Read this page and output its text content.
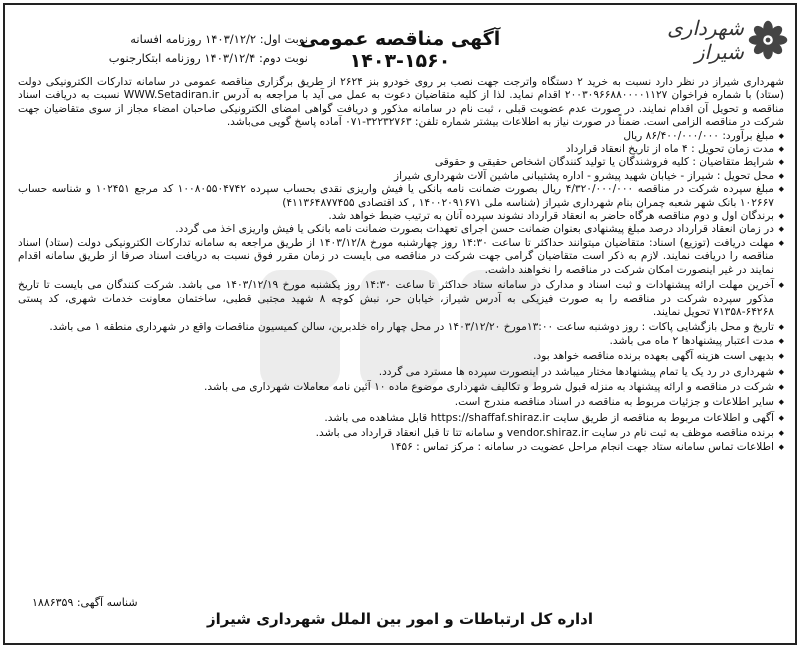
شهرداری شیراز
آگهی مناقصه عمومی ۱۵۶۰-۱۴۰۳
نوبت اول: ۱۴۰۳/۱۲/۲ روزنامه افسانه
نوبت دوم: ۱۴۰۳/۱۲/۴ روزنامه ابتکارجنوب

شهرداری شیراز در نظر دارد نسبت به خرید ۲ دستگاه واترجت جهت نصب بر روی خودرو بنز ۲۶۲۴ از طریق برگزاری مناقصه عمومی در سامانه تدارکات الکترونیکی دولت (ستاد) با شماره فراخوان ۲۰۰۳۰۹۶۶۸۸۰۰۰۰۱۱۲۷ اقدام نماید. لذا از کلیه متقاضیان دعوت به عمل می آید با مراجعه به آدرس WWW.Setadiran.ir نسبت به دریافت اسناد مناقصه و تحویل آن اقدام نمایند. در صورت عدم عضویت قبلی ، ثبت نام در سامانه مذکور و دریافت گواهی امضای الکترونیکی صاحبان امضاء مجاز از سوی متقاضیان جهت شرکت در مناقصه الزامی است. ضمناً در صورت نیاز به اطلاعات بیشتر شماره تلفن: ۳۲۲۳۲۷۶۳-۰۷۱ آماده پاسخ گویی می‌باشد.

◆ مبلغ برآورد: ۸۶/۴۰۰/۰۰۰/۰۰۰ ریال
◆ مدت زمان تحویل : ۴ ماه از تاریخ انعقاد قرارداد
◆ شرایط متقاضیان : کلیه فروشندگان یا تولید کنندگان اشخاص حقیقی و حقوقی
◆ محل تحویل : شیراز - خیابان شهید پیشرو - اداره پشتیبانی ماشین آلات شهرداری شیراز
◆ مبلغ سپرده شرکت در مناقصه ۴/۳۲۰/۰۰۰/۰۰۰ ریال بصورت ضمانت نامه بانکی یا فیش واریزی نقدی بحساب سپرده ۱۰۰۸۰۵۵۰۴۷۴۲ کد مرجع ۱۰۲۴۵۱ و شناسه حساب ۱۰۲۶۶۷ بانک شهر شعبه چمران بنام شهرداری شیراز (شناسه ملی ۱۴۰۰۲۰۹۱۶۷۱ , کد اقتصادی ۴۱۱۳۶۴۸۷۷۴۵۵)
◆ برندگان اول و دوم مناقصه هرگاه حاضر به انعقاد قرارداد نشوند سپرده آنان به ترتیب ضبط خواهد شد.
◆ در زمان انعقاد قرارداد درصد مبلغ پیشنهادی بعنوان ضمانت حسن اجرای تعهدات بصورت ضمانت نامه بانکی یا فیش واریزی اخذ می گردد.
◆ مهلت دریافت (توزیع) اسناد: متقاضیان میتوانند حداکثر تا ساعت ۱۴:۳۰ روز چهارشنبه مورخ ۱۴۰۳/۱۲/۸ از طریق مراجعه به سامانه تدارکات الکترونیکی دولت (ستاد) اسناد مناقصه را دریافت نمایند. لازم به ذکر است متقاضیان گرامی جهت شرکت در مناقصه می بایست در زمان مقرر فوق نسبت به دریافت اسناد صرفا از طریق سامانه اقدام نمایند در غیر اینصورت امکان شرکت در مناقصه را نخواهند داشت.
◆ آخرین مهلت ارائه پیشنهادات و ثبت اسناد و مدارک در سامانه ستاد حداکثر تا ساعت ۱۴:۳۰ روز یکشنبه مورخ ۱۴۰۳/۱۲/۱۹ می باشد. شرکت کنندگان می بایست تا تاریخ مذکور سپرده شرکت در مناقصه را به صورت فیزیکی به آدرس شیراز، خیابان حر، نبش کوچه ۸ شهید مجتبی قطبی، ساختمان معاونت خدمات شهری، کد پستی ۶۴۲۶۸-۷۱۳۵۸ تحویل نمایند.
◆ تاریخ و محل بازگشایی پاکات : روز دوشنبه ساعت ۱۳:۰۰مورخ ۱۴۰۳/۱۲/۲۰ در محل چهار راه خلدبرین، سالن کمیسیون مناقصات واقع در شهرداری منطقه ۱ می باشد.
◆ مدت اعتبار پیشنهادها ۲ ماه می باشد.
◆ بدیهی است هزینه آگهی بعهده برنده مناقصه خواهد بود.
◆ شهرداری در رد یک یا تمام پیشنهادها مختار میباشد در اینصورت سپرده ها مسترد می گردد.
◆ شرکت در مناقصه و ارائه پیشنهاد به منزله قبول شروط و تکالیف شهرداری موضوع ماده ۱۰ آئین نامه معاملات شهرداری می باشد.
◆ سایر اطلاعات و جزئیات مربوط به مناقصه در اسناد مناقصه مندرج است.
◆ آگهی و اطلاعات مربوط به مناقصه از طریق سایت https://shaffaf.shiraz.ir قابل مشاهده می باشد.
◆ برنده مناقصه موظف به ثبت نام در سایت vendor.shiraz.ir و سامانه تتا تا قبل انعقاد قرارداد می باشد.
◆ اطلاعات تماس سامانه ستاد جهت انجام مراحل عضویت در سامانه : مرکز تماس : ۱۴۵۶
شناسه آگهی: ۱۸۸۶۳۵۹
اداره کل ارتباطات و امور بین الملل شهرداری شیراز
